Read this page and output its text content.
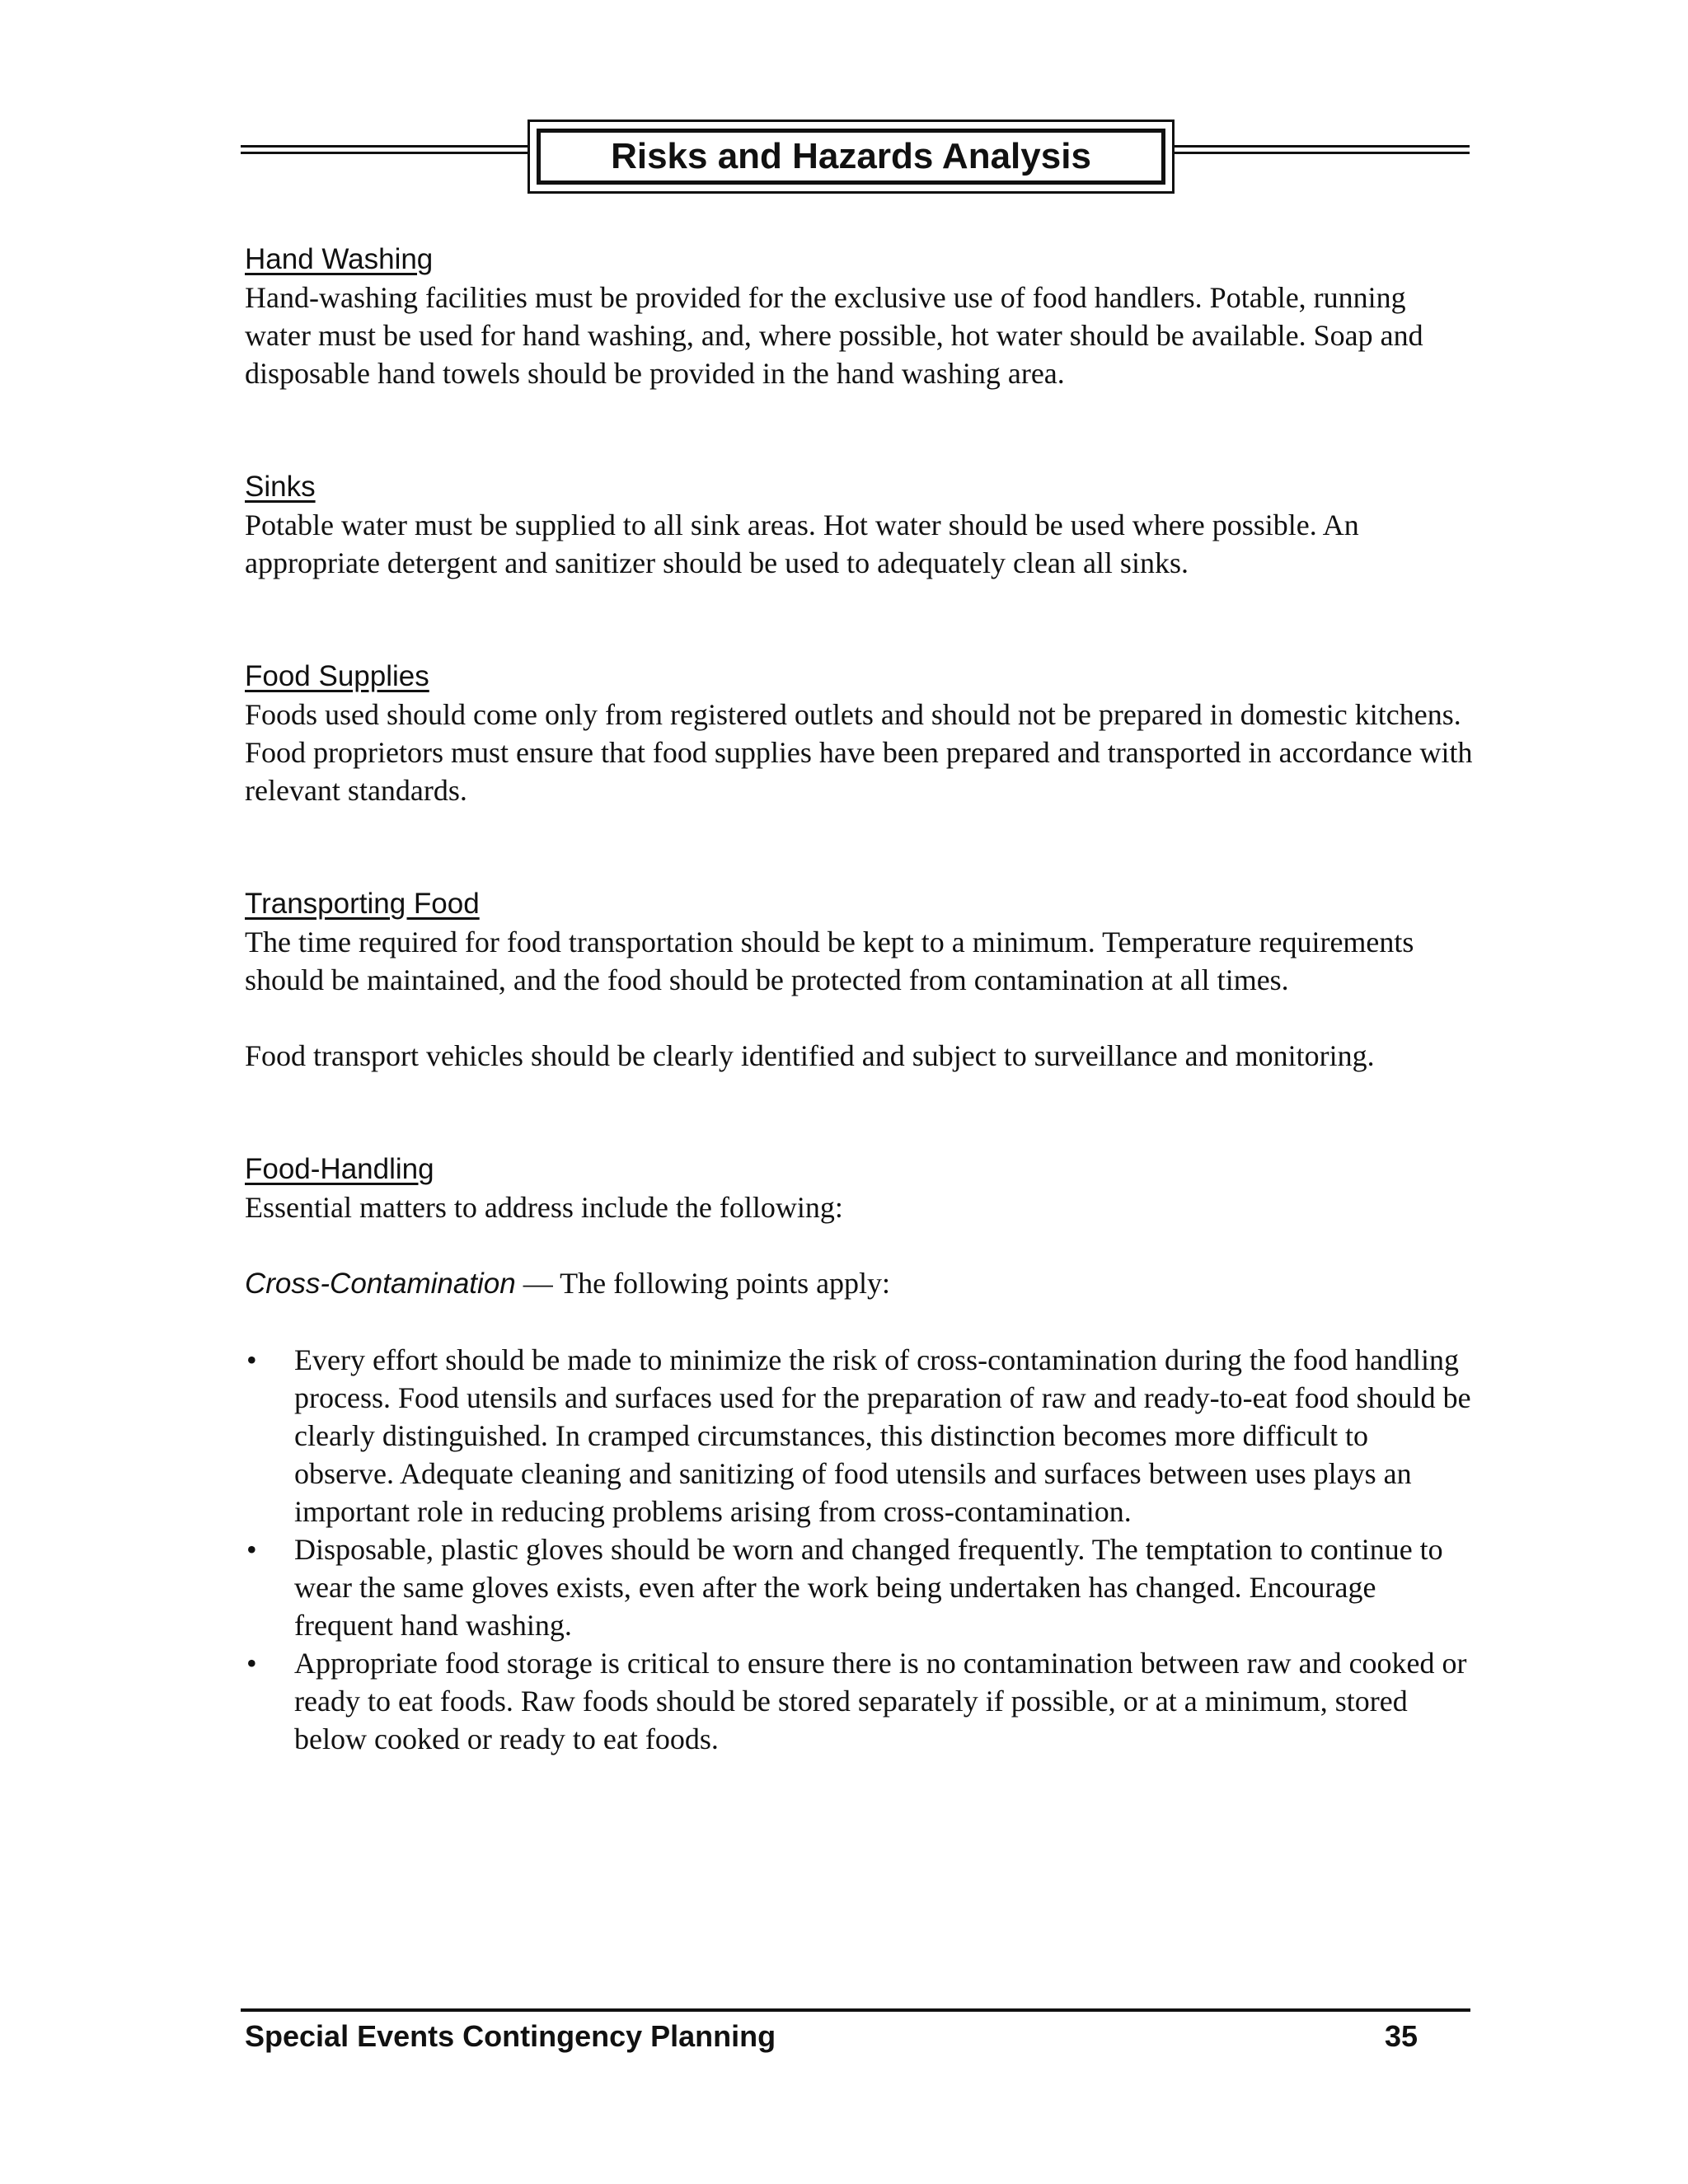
Risks and Hazards Analysis

Hand Washing

Hand-washing facilities must be provided for the exclusive use of food handlers. Potable, running water must be used for hand washing, and, where possible, hot water should be available. Soap and disposable hand towels should be provided in the hand washing area.

Sinks

Potable water must be supplied to all sink areas. Hot water should be used where possible. An appropriate detergent and sanitizer should be used to adequately clean all sinks.

Food Supplies

Foods used should come only from registered outlets and should not be prepared in domestic kitchens. Food proprietors must ensure that food supplies have been prepared and transported in accordance with relevant standards.

Transporting Food

The time required for food transportation should be kept to a minimum. Temperature requirements should be maintained, and the food should be protected from contamination at all times.

Food transport vehicles should be clearly identified and subject to surveillance and monitoring.

Food-Handling

Essential matters to address include the following:

Cross-Contamination — The following points apply:

• Every effort should be made to minimize the risk of cross-contamination during the food handling process. Food utensils and surfaces used for the preparation of raw and ready-to-eat food should be clearly distinguished. In cramped circumstances, this distinction becomes more difficult to observe. Adequate cleaning and sanitizing of food utensils and surfaces between uses plays an important role in reducing problems arising from cross-contamination.
• Disposable, plastic gloves should be worn and changed frequently. The temptation to continue to wear the same gloves exists, even after the work being undertaken has changed. Encourage frequent hand washing.
• Appropriate food storage is critical to ensure there is no contamination between raw and cooked or ready to eat foods. Raw foods should be stored separately if possible, or at a minimum, stored below cooked or ready to eat foods.
Special Events Contingency Planning	35
